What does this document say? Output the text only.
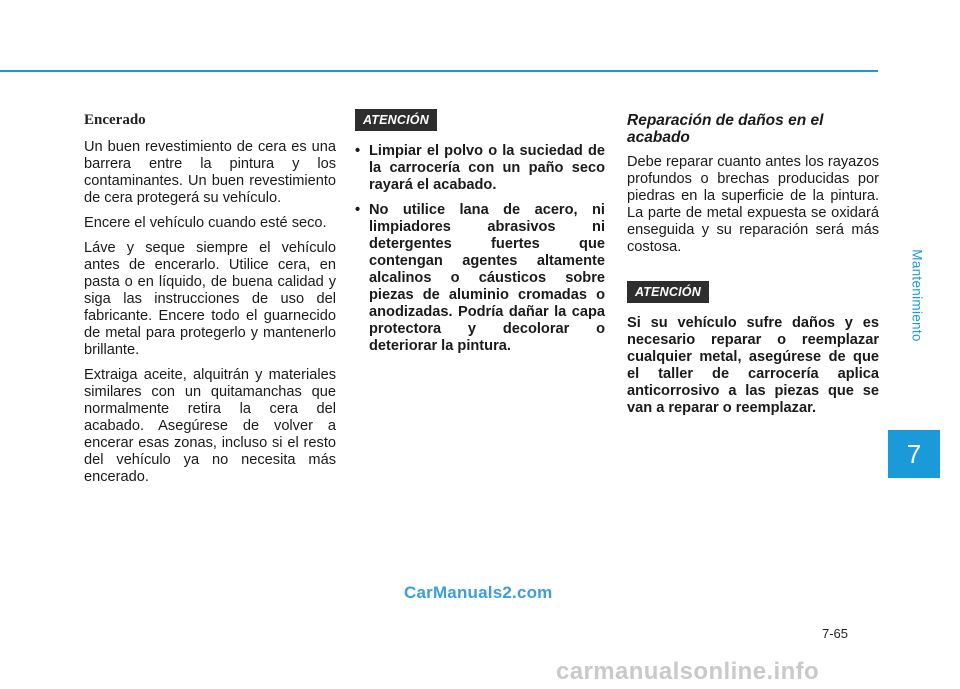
Encerado

Un buen revestimiento de cera es una barrera entre la pintura y los contaminantes. Un buen revestimiento de cera protegerá su vehículo.

Encere el vehículo cuando esté seco.

Láve y seque siempre el vehículo antes de encerarlo. Utilice cera, en pasta o en líquido, de buena calidad y siga las instrucciones de uso del fabricante. Encere todo el guarnecido de metal para protegerlo y mantenerlo brillante.

Extraiga aceite, alquitrán y materiales similares con un quitamanchas que normalmente retira la cera del acabado. Asegúrese de volver a encerar esas zonas, incluso si el resto del vehículo ya no necesita más encerado.

ATENCIÓN
• Limpiar el polvo o la suciedad de la carrocería con un paño seco rayará el acabado.
• No utilice lana de acero, ni limpiadores abrasivos ni detergentes fuertes que contengan agentes altamente alcalinos o cáusticos sobre piezas de aluminio cromadas o anodizadas. Podría dañar la capa protectora y decolorar o deteriorar la pintura.
Reparación de daños en el acabado

Debe reparar cuanto antes los rayazos profundos o brechas producidas por piedras en la superficie de la pintura. La parte de metal expuesta se oxidará enseguida y su reparación será más costosa.

ATENCIÓN

Si su vehículo sufre daños y es necesario reparar o reemplazar cualquier metal, asegúrese de que el taller de carrocería aplica anticorrosivo a las piezas que se van a reparar o reemplazar.

Mantenimiento
7
7-65
CarManuals2.com
carmanualsonline.info
